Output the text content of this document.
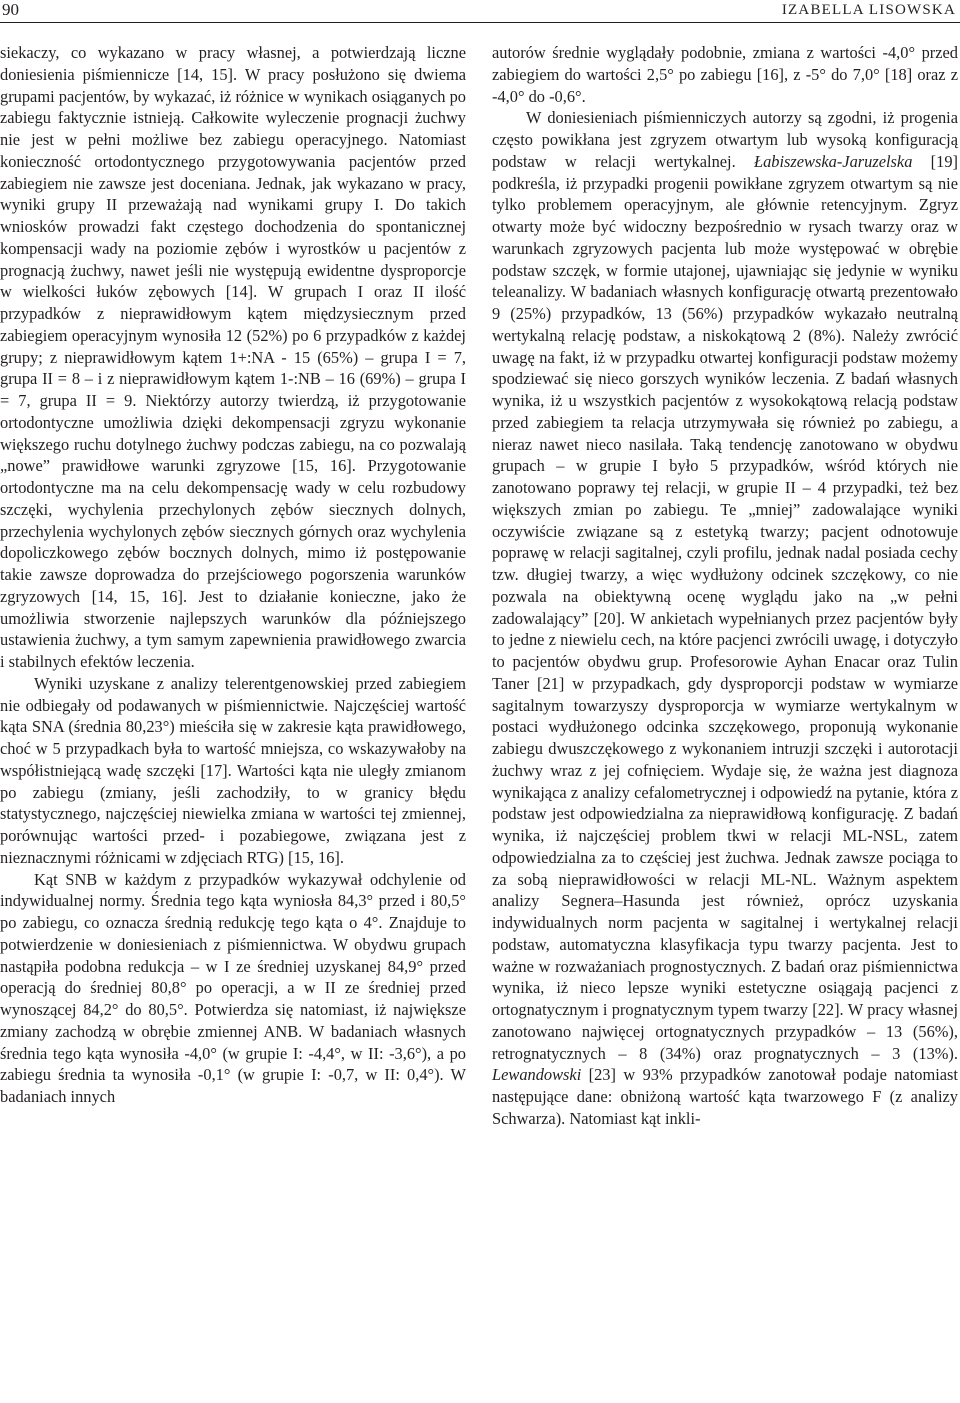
90	IZABELLA LISOWSKA

siekaczy, co wykazano w pracy własnej, a potwierdzają liczne doniesienia piśmiennicze [14, 15]. W pracy posłużono się dwiema grupami pacjentów, by wykazać, iż różnice w wynikach osiąganych po zabiegu faktycznie istnieją. Całkowite wyleczenie prognacji żuchwy nie jest w pełni możliwe bez zabiegu operacyjnego. Natomiast konieczność ortodontycznego przygotowywania pacjentów przed zabiegiem nie zawsze jest doceniana. Jednak, jak wykazano w pracy, wyniki grupy II przeważają nad wynikami grupy I. Do takich wniosków prowadzi fakt częstego dochodzenia do spontanicznej kompensacji wady na poziomie zębów i wyrostków u pacjentów z prognacją żuchwy, nawet jeśli nie występują ewidentne dysproporcje w wielkości łuków zębowych [14]. W grupach I oraz II ilość przypadków z nieprawidłowym kątem międzysiecznym przed zabiegiem operacyjnym wynosiła 12 (52%) po 6 przypadków z każdej grupy; z nieprawidłowym kątem 1+:NA - 15 (65%) – grupa I = 7, grupa II = 8 – i z nieprawidłowym kątem 1-:NB – 16 (69%) – grupa I = 7, grupa II = 9. Niektórzy autorzy twierdzą, iż przygotowanie ortodontyczne umożliwia dzięki dekompensacji zgryzu wykonanie większego ruchu dotylnego żuchwy podczas zabiegu, na co pozwalają „nowe” prawidłowe warunki zgryzowe [15, 16]. Przygotowanie ortodontyczne ma na celu dekompensację wady w celu rozbudowy szczęki, wychylenia przechylonych zębów siecznych dolnych, przechylenia wychylonych zębów siecznych górnych oraz wychylenia dopoliczkowego zębów bocznych dolnych, mimo iż postępowanie takie zawsze doprowadza do przejściowego pogorszenia warunków zgryzowych [14, 15, 16]. Jest to działanie konieczne, jako że umożliwia stworzenie najlepszych warunków dla późniejszego ustawienia żuchwy, a tym samym zapewnienia prawidłowego zwarcia i stabilnych efektów leczenia.

Wyniki uzyskane z analizy telerentgenowskiej przed zabiegiem nie odbiegały od podawanych w piśmiennictwie. Najczęściej wartość kąta SNA (średnia 80,23°) mieściła się w zakresie kąta prawidłowego, choć w 5 przypadkach była to wartość mniejsza, co wskazywałoby na współistniejącą wadę szczęki [17]. Wartości kąta nie uległy zmianom po zabiegu (zmiany, jeśli zachodziły, to w granicy błędu statystycznego, najczęściej niewielka zmiana w wartości tej zmiennej, porównując wartości przed- i pozabiegowe, związana jest z nieznacznymi różnicami w zdjęciach RTG) [15, 16].

Kąt SNB w każdym z przypadków wykazywał odchylenie od indywidualnej normy. Średnia tego kąta wyniosła 84,3° przed i 80,5° po zabiegu, co oznacza średnią redukcję tego kąta o 4°. Znajduje to potwierdzenie w doniesieniach z piśmiennictwa. W obydwu grupach nastąpiła podobna redukcja – w I ze średniej uzyskanej 84,9° przed operacją do średniej 80,8° po operacji, a w II ze średniej przed wynoszącej 84,2° do 80,5°. Potwierdza się natomiast, iż największe zmiany zachodzą w obrębie zmiennej ANB. W badaniach własnych średnia tego kąta wynosiła -4,0° (w grupie I: -4,4°, w II: -3,6°), a po zabiegu średnia ta wynosiła -0,1° (w grupie I: -0,7, w II: 0,4°). W badaniach innych

autorów średnie wyglądały podobnie, zmiana z wartości -4,0° przed zabiegiem do wartości 2,5° po zabiegu [16], z -5° do 7,0° [18] oraz z -4,0° do -0,6°.

W doniesieniach piśmienniczych autorzy są zgodni, iż progenia często powikłana jest zgryzem otwartym lub wysoką konfiguracją podstaw w relacji wertykalnej. Łabiszewska-Jaruzelska [19] podkreśla, iż przypadki progenii powikłane zgryzem otwartym są nie tylko problemem operacyjnym, ale głównie retencyjnym. Zgryz otwarty może być widoczny bezpośrednio w rysach twarzy oraz w warunkach zgryzowych pacjenta lub może występować w obrębie podstaw szczęk, w formie utajonej, ujawniając się jedynie w wyniku teleanalizy. W badaniach własnych konfigurację otwartą prezentowało 9 (25%) przypadków, 13 (56%) przypadków wykazało neutralną wertykalną relację podstaw, a niskokątową 2 (8%). Należy zwrócić uwagę na fakt, iż w przypadku otwartej konfiguracji podstaw możemy spodziewać się nieco gorszych wyników leczenia. Z badań własnych wynika, iż u wszystkich pacjentów z wysokokątową relacją podstaw przed zabiegiem ta relacja utrzymywała się również po zabiegu, a nieraz nawet nieco nasilała. Taką tendencję zanotowano w obydwu grupach – w grupie I było 5 przypadków, wśród których nie zanotowano poprawy tej relacji, w grupie II – 4 przypadki, też bez większych zmian po zabiegu. Te „mniej” zadowalające wyniki oczywiście związane są z estetyką twarzy; pacjent odnotowuje poprawę w relacji sagitalnej, czyli profilu, jednak nadal posiada cechy tzw. długiej twarzy, a więc wydłużony odcinek szczękowy, co nie pozwala na obiektywną ocenę wyglądu jako na „w pełni zadowalający” [20]. W ankietach wypełnianych przez pacjentów były to jedne z niewielu cech, na które pacjenci zwrócili uwagę, i dotyczyło to pacjentów obydwu grup. Profesorowie Ayhan Enacar oraz Tulin Taner [21] w przypadkach, gdy dysproporcji podstaw w wymiarze sagitalnym towarzyszy dysproporcja w wymiarze wertykalnym w postaci wydłużonego odcinka szczękowego, proponują wykonanie zabiegu dwuszczękowego z wykonaniem intruzji szczęki i autorotacji żuchwy wraz z jej cofnięciem. Wydaje się, że ważna jest diagnoza wynikająca z analizy cefalometrycznej i odpowiedź na pytanie, która z podstaw jest odpowiedzialna za nieprawidłową konfigurację. Z badań wynika, iż najczęściej problem tkwi w relacji ML-NSL, zatem odpowiedzialna za to częściej jest żuchwa. Jednak zawsze pociąga to za sobą nieprawidłowości w relacji ML-NL. Ważnym aspektem analizy Segnera–Hasunda jest również, oprócz uzyskania indywidualnych norm pacjenta w sagitalnej i wertykalnej relacji podstaw, automatyczna klasyfikacja typu twarzy pacjenta. Jest to ważne w rozważaniach prognostycznych. Z badań oraz piśmiennictwa wynika, iż nieco lepsze wyniki estetyczne osiągają pacjenci z ortognatycznym i prognatycznym typem twarzy [22]. W pracy własnej zanotowano najwięcej ortognatycznych przypadków – 13 (56%), retrognatycznych – 8 (34%) oraz prognatycznych – 3 (13%). Lewandowski [23] w 93% przypadków zanotował podaje natomiast następujące dane: obniżoną wartość kąta twarzowego F (z analizy Schwarza). Natomiast kąt inkli-
